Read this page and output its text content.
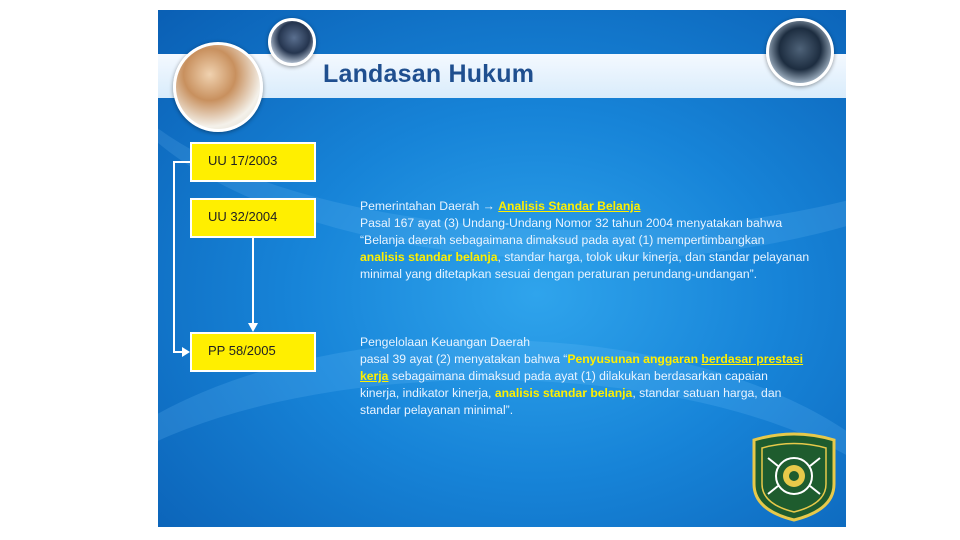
Landasan Hukum
UU 17/2003
UU 32/2004
PP 58/2005
Pemerintahan Daerah → Analisis Standar Belanja
Pasal 167 ayat (3) Undang-Undang Nomor 32 tahun 2004 menyatakan bahwa “Belanja daerah sebagaimana dimaksud pada ayat (1) mempertimbangkan analisis standar belanja, standar harga, tolok ukur kinerja, dan standar pelayanan minimal yang ditetapkan sesuai dengan peraturan perundang-undangan”.
Pengelolaan Keuangan Daerah
pasal 39 ayat (2) menyatakan bahwa “Penyusunan anggaran berdasar prestasi kerja sebagaimana dimaksud pada ayat (1) dilakukan berdasarkan capaian kinerja, indikator kinerja, analisis standar belanja, standar satuan harga, dan standar pelayanan minimal”.
